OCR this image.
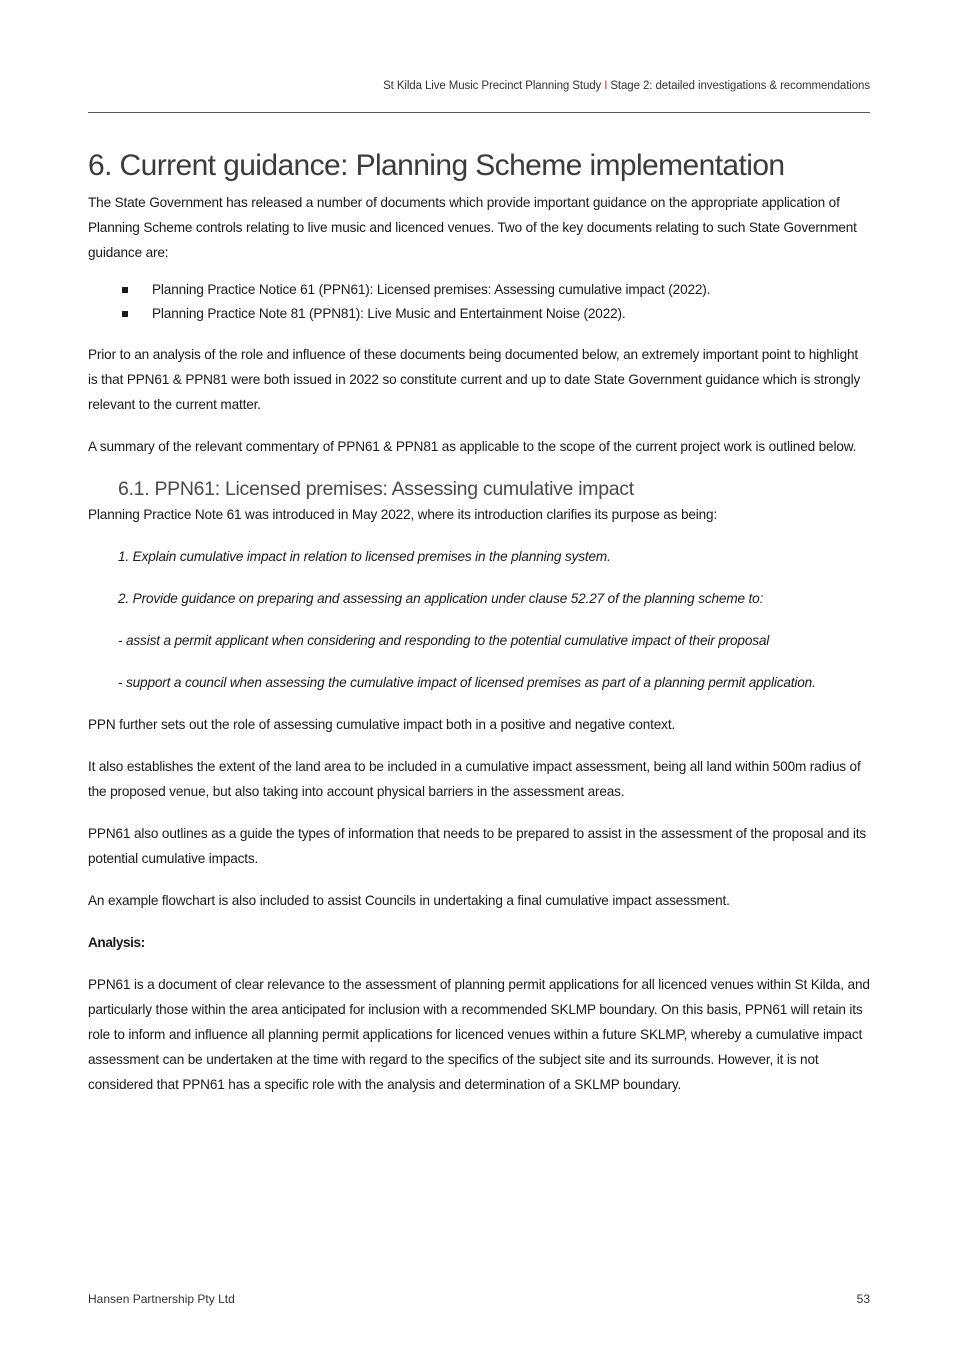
St Kilda Live Music Precinct Planning Study I Stage 2: detailed investigations & recommendations
6. Current guidance: Planning Scheme implementation

The State Government has released a number of documents which provide important guidance on the appropriate application of Planning Scheme controls relating to live music and licenced venues. Two of the key documents relating to such State Government guidance are:

Planning Practice Notice 61 (PPN61): Licensed premises: Assessing cumulative impact (2022).
Planning Practice Note 81 (PPN81): Live Music and Entertainment Noise (2022).

Prior to an analysis of the role and influence of these documents being documented below, an extremely important point to highlight is that PPN61 & PPN81 were both issued in 2022 so constitute current and up to date State Government guidance which is strongly relevant to the current matter.

A summary of the relevant commentary of PPN61 & PPN81 as applicable to the scope of the current project work is outlined below.

6.1. PPN61: Licensed premises: Assessing cumulative impact

Planning Practice Note 61 was introduced in May 2022, where its introduction clarifies its purpose as being:

1. Explain cumulative impact in relation to licensed premises in the planning system.

2. Provide guidance on preparing and assessing an application under clause 52.27 of the planning scheme to:

- assist a permit applicant when considering and responding to the potential cumulative impact of their proposal

- support a council when assessing the cumulative impact of licensed premises as part of a planning permit application.

PPN further sets out the role of assessing cumulative impact both in a positive and negative context.

It also establishes the extent of the land area to be included in a cumulative impact assessment, being all land within 500m radius of the proposed venue, but also taking into account physical barriers in the assessment areas.

PPN61 also outlines as a guide the types of information that needs to be prepared to assist in the assessment of the proposal and its potential cumulative impacts.

An example flowchart is also included to assist Councils in undertaking a final cumulative impact assessment.

Analysis:

PPN61 is a document of clear relevance to the assessment of planning permit applications for all licenced venues within St Kilda, and particularly those within the area anticipated for inclusion with a recommended SKLMP boundary. On this basis, PPN61 will retain its role to inform and influence all planning permit applications for licenced venues within a future SKLMP, whereby a cumulative impact assessment can be undertaken at the time with regard to the specifics of the subject site and its surrounds. However, it is not considered that PPN61 has a specific role with the analysis and determination of a SKLMP boundary.

Hansen Partnership Pty Ltd	53
